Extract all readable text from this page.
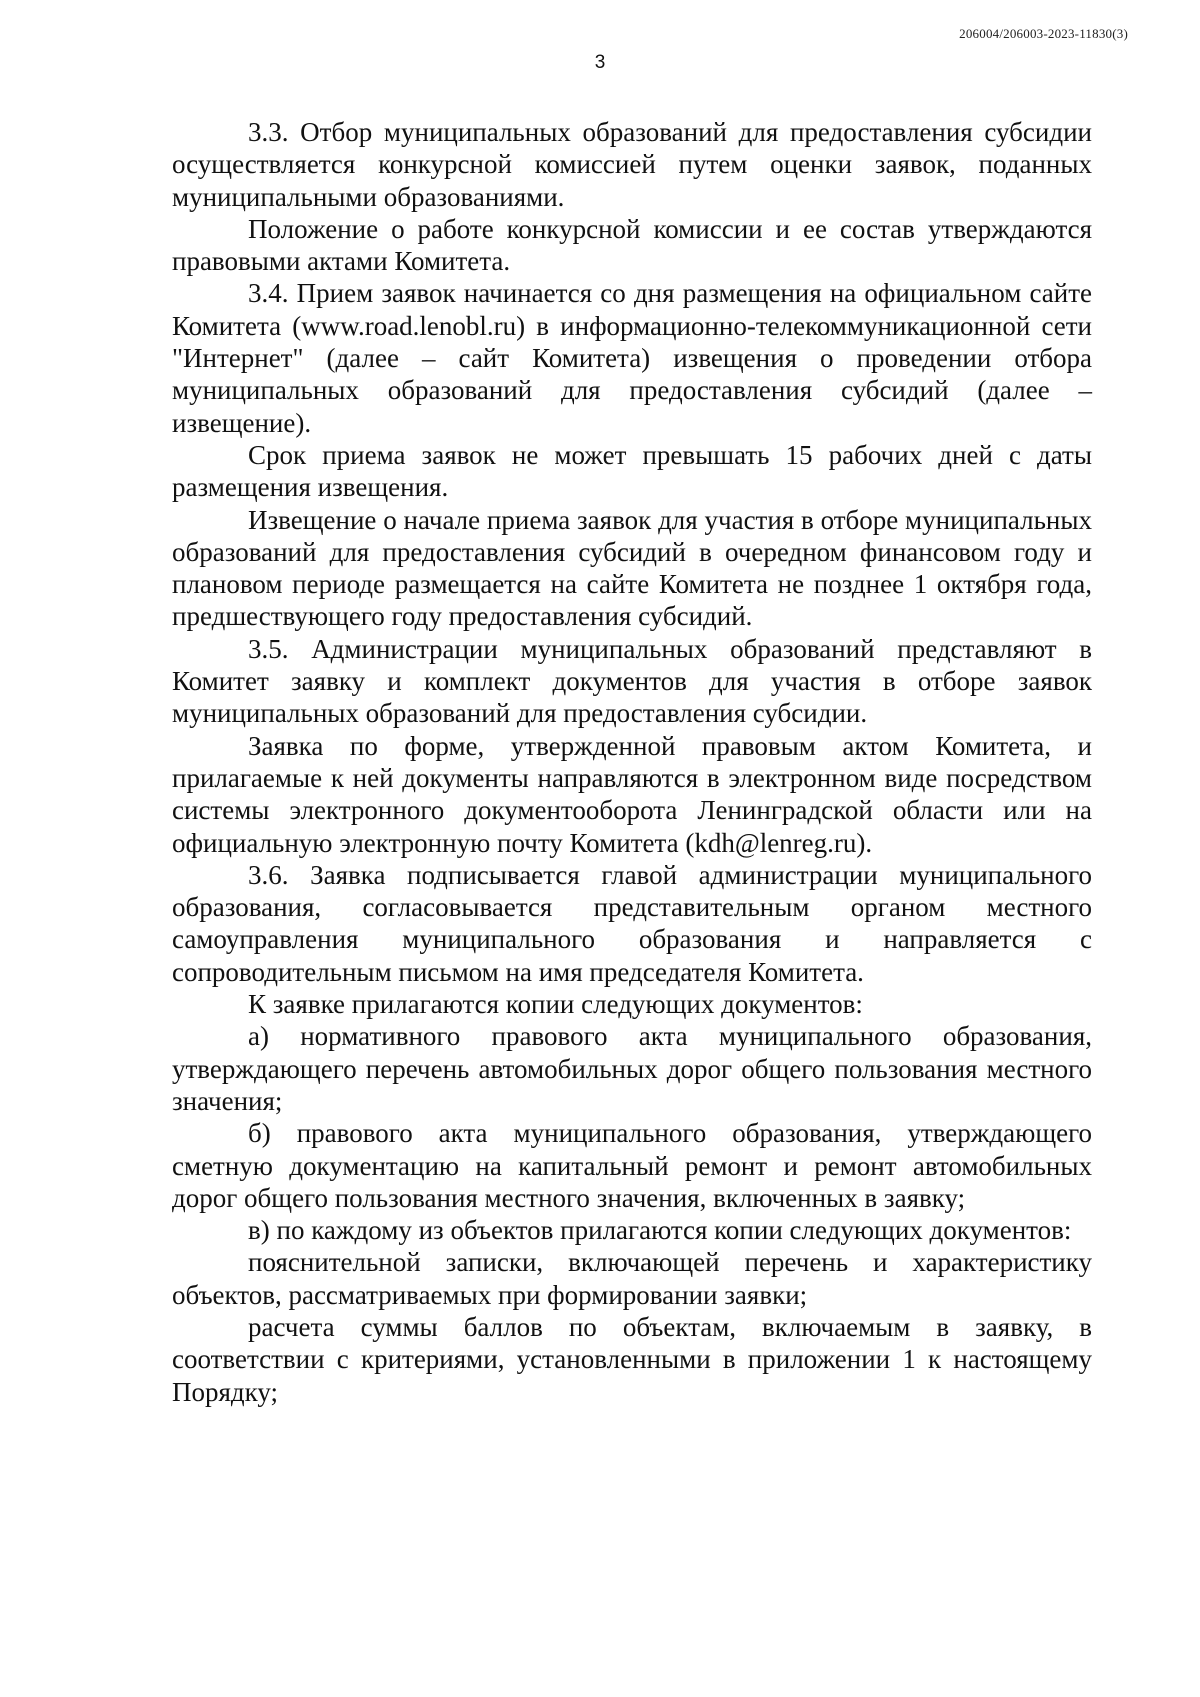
206004/206003-2023-11830(3)
3

3.3. Отбор муниципальных образований для предоставления субсидии осуществляется конкурсной комиссией путем оценки заявок, поданных муниципальными образованиями.

Положение о работе конкурсной комиссии и ее состав утверждаются правовыми актами Комитета.

3.4. Прием заявок начинается со дня размещения на официальном сайте Комитета (www.road.lenobl.ru) в информационно-телекоммуникационной сети "Интернет" (далее – сайт Комитета) извещения о проведении отбора муниципальных образований для предоставления субсидий (далее – извещение).

Срок приема заявок не может превышать 15 рабочих дней с даты размещения извещения.

Извещение о начале приема заявок для участия в отборе муниципальных образований для предоставления субсидий в очередном финансовом году и плановом периоде размещается на сайте Комитета не позднее 1 октября года, предшествующего году предоставления субсидий.

3.5. Администрации муниципальных образований представляют в Комитет заявку и комплект документов для участия в отборе заявок муниципальных образований для предоставления субсидии.

Заявка по форме, утвержденной правовым актом Комитета, и прилагаемые к ней документы направляются в электронном виде посредством системы электронного документооборота Ленинградской области или на официальную электронную почту Комитета (kdh@lenreg.ru).

3.6. Заявка подписывается главой администрации муниципального образования, согласовывается представительным органом местного самоуправления муниципального образования и направляется с сопроводительным письмом на имя председателя Комитета.

К заявке прилагаются копии следующих документов:

а) нормативного правового акта муниципального образования, утверждающего перечень автомобильных дорог общего пользования местного значения;

б) правового акта муниципального образования, утверждающего сметную документацию на капитальный ремонт и ремонт автомобильных дорог общего пользования местного значения, включенных в заявку;

в) по каждому из объектов прилагаются копии следующих документов:

пояснительной записки, включающей перечень и характеристику объектов, рассматриваемых при формировании заявки;

расчета суммы баллов по объектам, включаемым в заявку, в соответствии с критериями, установленными в приложении 1 к настоящему Порядку;
